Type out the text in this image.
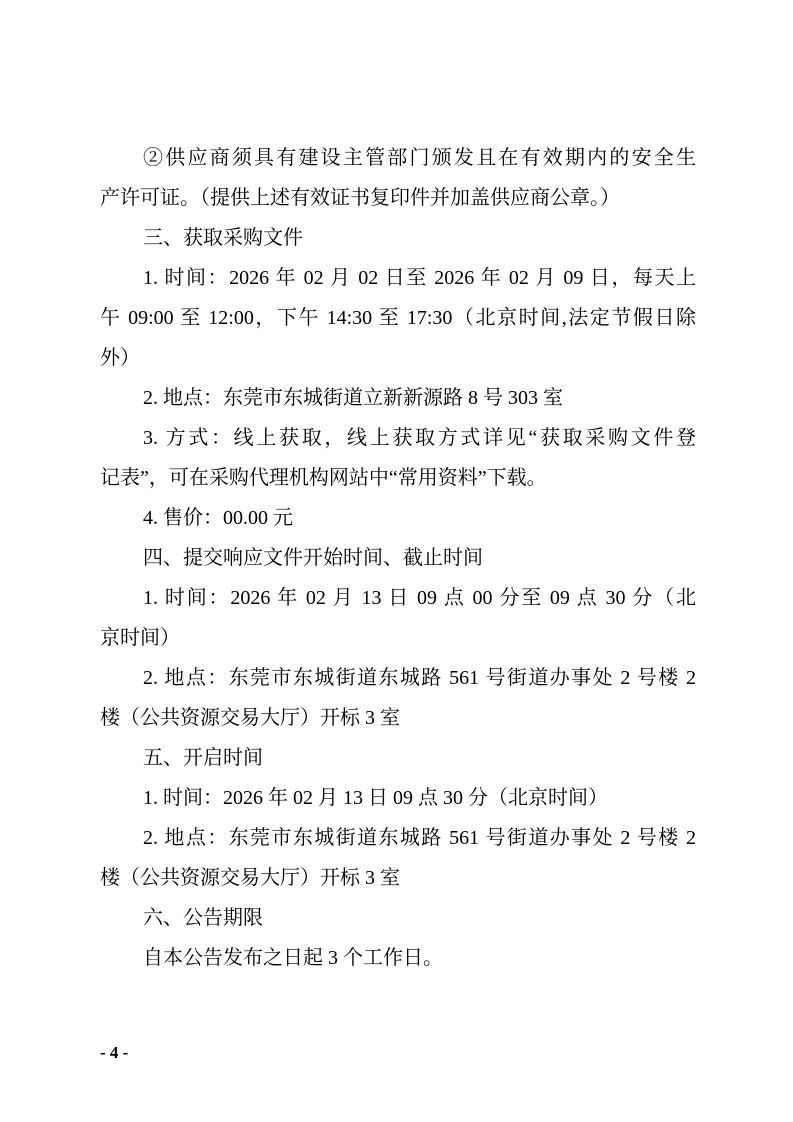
②供应商须具有建设主管部门颁发且在有效期内的安全生
产许可证。（提供上述有效证书复印件并加盖供应商公章。）
三、获取采购文件
1. 时间：2026 年 02 月 02 日至 2026 年 02 月 09 日，每天上
午 09:00 至 12:00，下午 14:30 至 17:30（北京时间,法定节假日除
外）
2. 地点：东莞市东城街道立新新源路 8 号 303 室
3. 方式：线上获取，线上获取方式详见“获取采购文件登
记表”，可在采购代理机构网站中“常用资料”下载。
4. 售价：00.00 元
四、提交响应文件开始时间、截止时间
1. 时间：2026 年 02 月 13 日 09 点 00 分至 09 点 30 分（北
京时间）
2. 地点：东莞市东城街道东城路 561 号街道办事处 2 号楼 2
楼（公共资源交易大厅）开标 3 室
五、开启时间
1. 时间：2026 年 02 月 13 日 09 点 30 分（北京时间）
2. 地点：东莞市东城街道东城路 561 号街道办事处 2 号楼 2
楼（公共资源交易大厅）开标 3 室
六、公告期限
自本公告发布之日起 3 个工作日。
- 4 -
